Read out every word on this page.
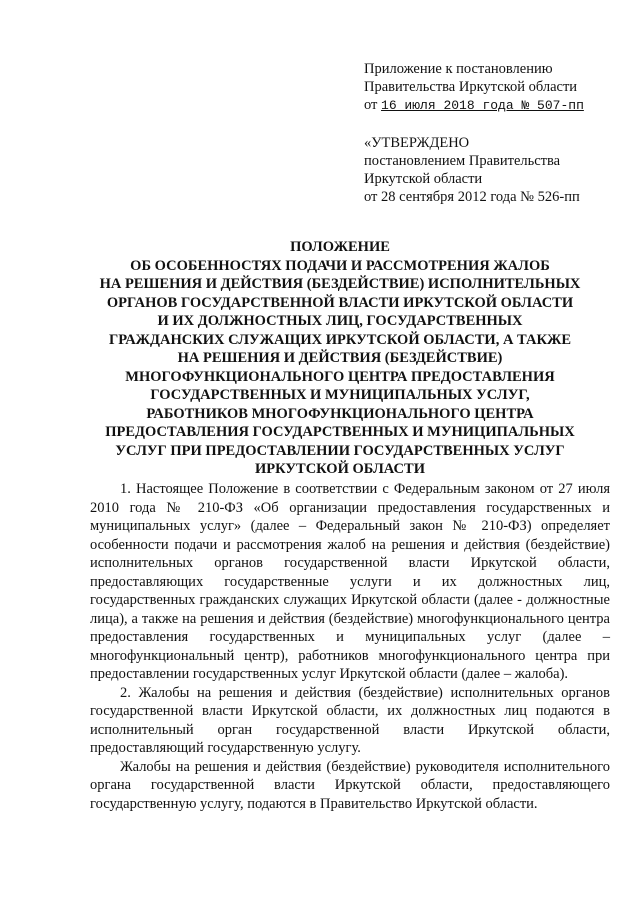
Приложение к постановлению
Правительства Иркутской области
от 16 июля 2018 года № 507-пп
«УТВЕРЖДЕНО
постановлением Правительства
Иркутской области
от 28 сентября 2012 года № 526-пп
ПОЛОЖЕНИЕ
ОБ ОСОБЕННОСТЯХ ПОДАЧИ И РАССМОТРЕНИЯ ЖАЛОБ
НА РЕШЕНИЯ И ДЕЙСТВИЯ (БЕЗДЕЙСТВИЕ) ИСПОЛНИТЕЛЬНЫХ
ОРГАНОВ ГОСУДАРСТВЕННОЙ ВЛАСТИ ИРКУТСКОЙ ОБЛАСТИ
И ИХ ДОЛЖНОСТНЫХ ЛИЦ, ГОСУДАРСТВЕННЫХ
ГРАЖДАНСКИХ СЛУЖАЩИХ ИРКУТСКОЙ ОБЛАСТИ, А ТАКЖЕ
НА РЕШЕНИЯ И ДЕЙСТВИЯ (БЕЗДЕЙСТВИЕ)
МНОГОФУНКЦИОНАЛЬНОГО ЦЕНТРА ПРЕДОСТАВЛЕНИЯ
ГОСУДАРСТВЕННЫХ И МУНИЦИПАЛЬНЫХ УСЛУГ,
РАБОТНИКОВ МНОГОФУНКЦИОНАЛЬНОГО ЦЕНТРА
ПРЕДОСТАВЛЕНИЯ ГОСУДАРСТВЕННЫХ И МУНИЦИПАЛЬНЫХ
УСЛУГ ПРИ ПРЕДОСТАВЛЕНИИ ГОСУДАРСТВЕННЫХ УСЛУГ
ИРКУТСКОЙ ОБЛАСТИ

1. Настоящее Положение в соответствии с Федеральным законом от 27 июля 2010 года № 210-ФЗ «Об организации предоставления государственных и муниципальных услуг» (далее – Федеральный закон № 210-ФЗ) определяет особенности подачи и рассмотрения жалоб на решения и действия (бездействие) исполнительных органов государственной власти Иркутской области, предоставляющих государственные услуги и их должностных лиц, государственных гражданских служащих Иркутской области (далее - должностные лица), а также на решения и действия (бездействие) многофункционального центра предоставления государственных и муниципальных услуг (далее – многофункциональный центр), работников многофункционального центра при предоставлении государственных услуг Иркутской области (далее – жалоба).

2. Жалобы на решения и действия (бездействие) исполнительных органов государственной власти Иркутской области, их должностных лиц подаются в исполнительный орган государственной власти Иркутской области, предоставляющий государственную услугу.

Жалобы на решения и действия (бездействие) руководителя исполнительного органа государственной власти Иркутской области, предоставляющего государственную услугу, подаются в Правительство Иркутской области.
